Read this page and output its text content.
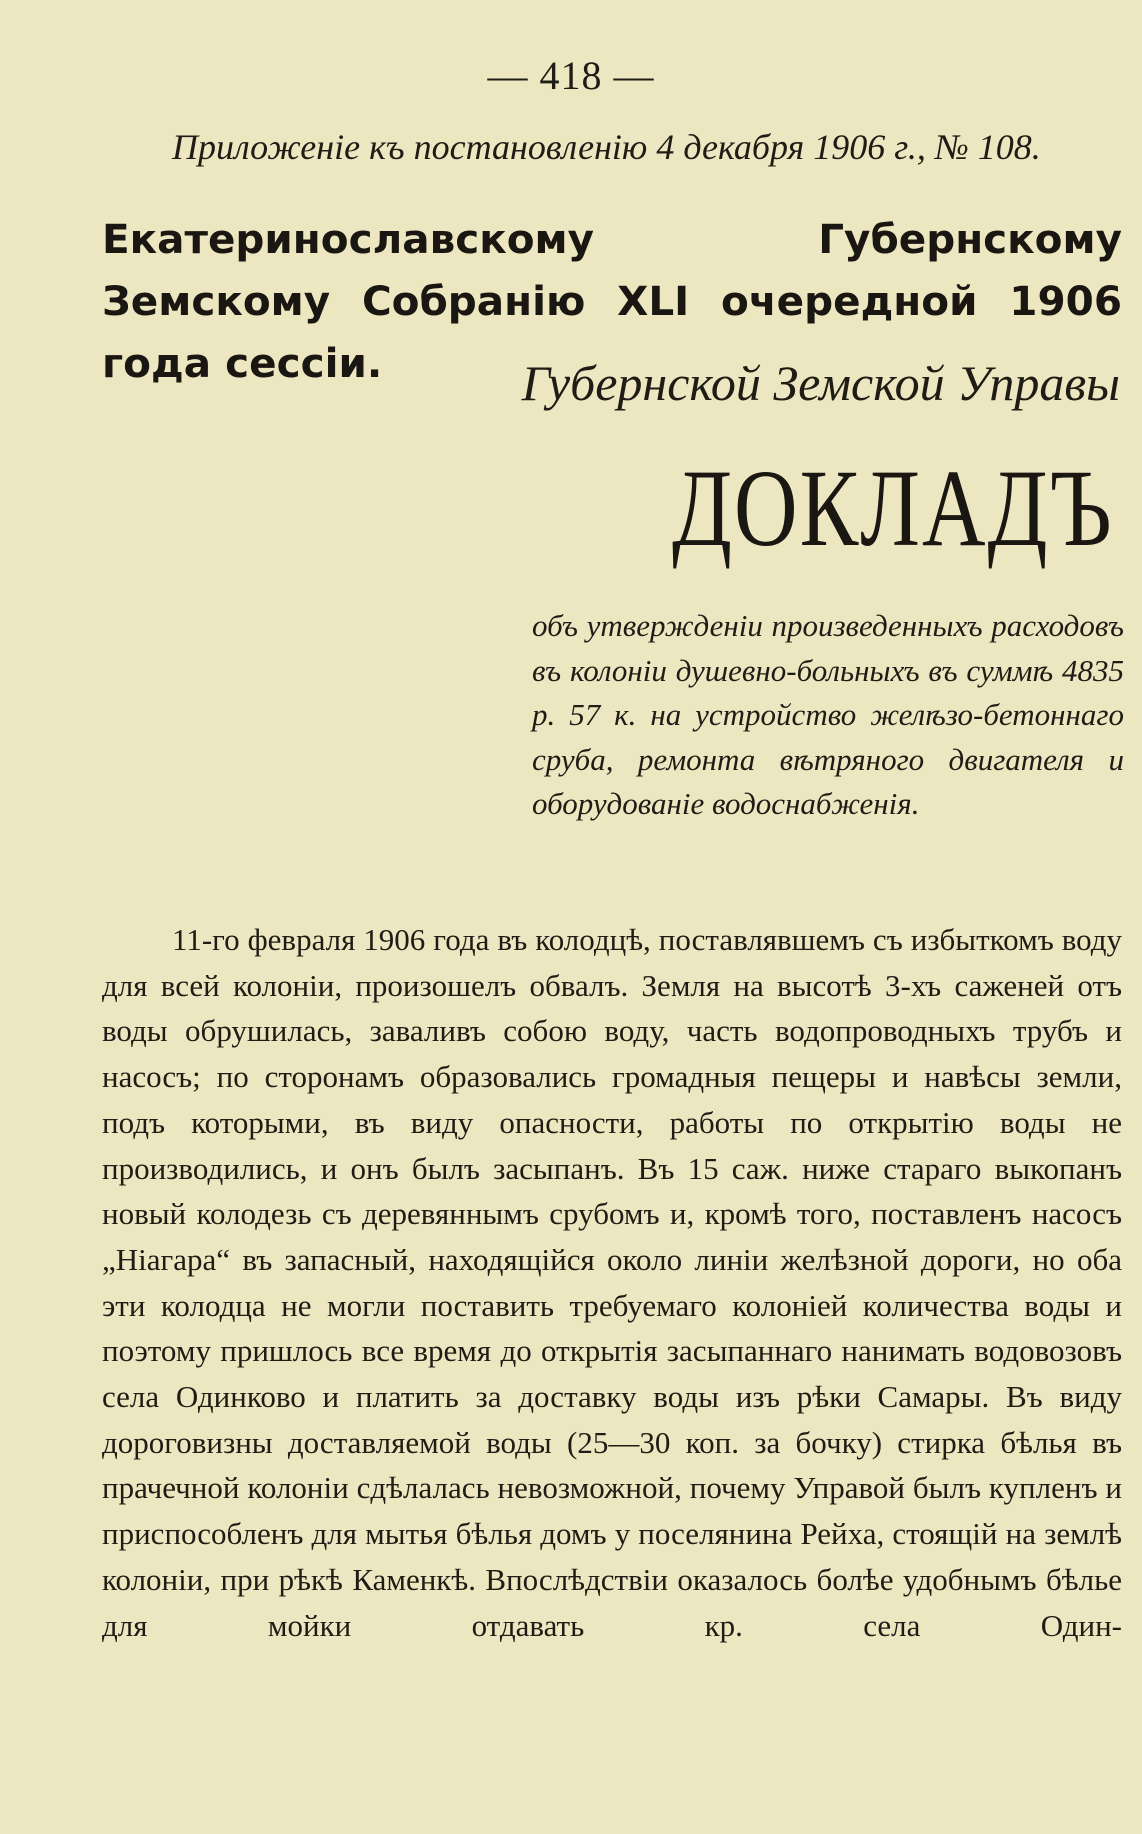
— 418 —
Приложеніе къ постановленію 4 декабря 1906 г., № 108.
Екатеринославскому Губернскому Земскому Собранію XLI очередной 1906 года сессіи.	Губернской Земской Управы
ДОКЛАДЪ
объ утвержденіи произведенныхъ расходовъ въ колоніи душевно-больныхъ въ суммѣ 4835 р. 57 к. на устройство желѣзо-бетоннаго сруба, ремонта вѣтряного двигателя и оборудованіе водоснабженія.
11-го февраля 1906 года въ колодцѣ, поставлявшемъ съ избыткомъ воду для всей колоніи, произошелъ обвалъ. Земля на высотѣ 3-хъ саженей отъ воды обрушилась, заваливъ собою воду, часть водопроводныхъ трубъ и насосъ; по сторонамъ образовались громадныя пещеры и навѣсы земли, подъ которыми, въ виду опасности, работы по открытію воды не производились, и онъ былъ засыпанъ. Въ 15 саж. ниже стараго выкопанъ новый колодезь съ деревяннымъ срубомъ и, кромѣ того, поставленъ насосъ „Ніагара“ въ запасный, находящійся около линіи желѣзной дороги, но оба эти колодца не могли поставить требуемаго колоніей количества воды и поэтому пришлось все время до открытія засыпаннаго нанимать водовозовъ села Одинково и платить за доставку воды изъ рѣки Самары. Въ виду дороговизны доставляемой воды (25—30 коп. за бочку) стирка бѣлья въ прачечной колоніи сдѣлалась невозможной, почему Управой былъ купленъ и приспособленъ для мытья бѣлья домъ у поселянина Рейха, стоящій на землѣ колоніи, при рѣкѣ Каменкѣ. Впослѣдствіи оказалось болѣе удобнымъ бѣлье для мойки отдавать кр. села Один-
